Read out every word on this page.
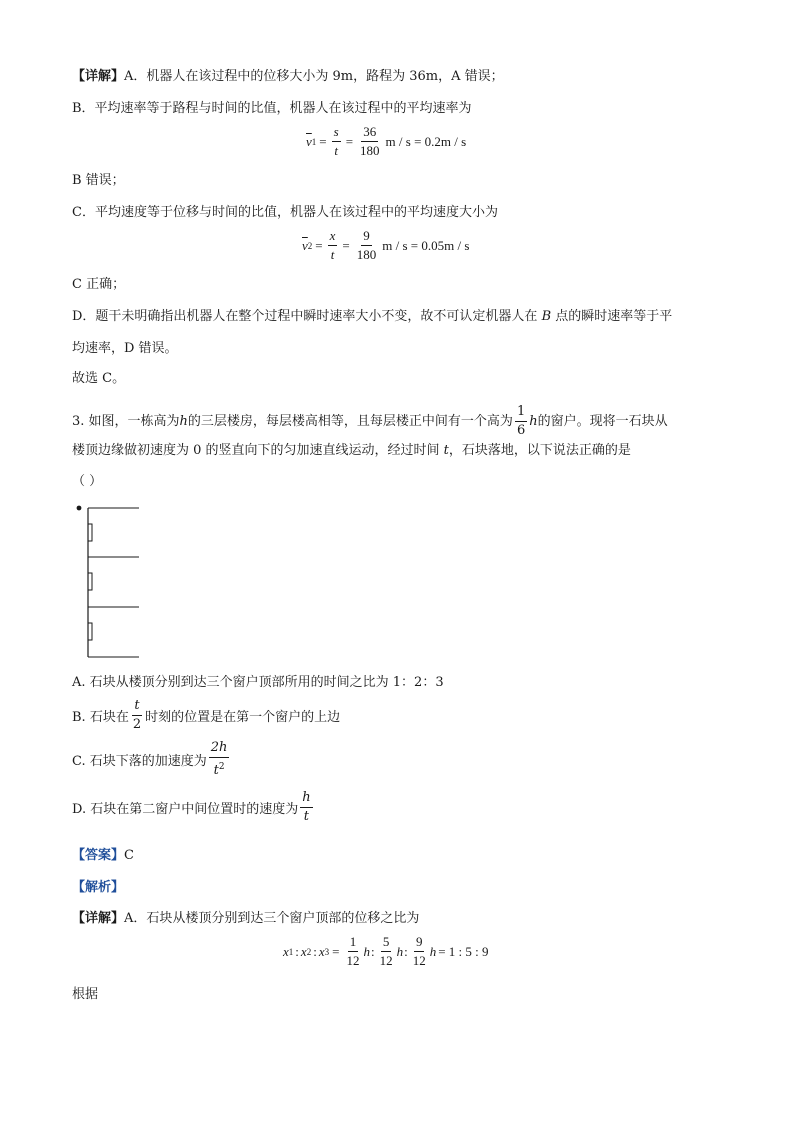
【详解】A．机器人在该过程中的位移大小为 9m，路程为 36m，A 错误；
B．平均速率等于路程与时间的比值，机器人在该过程中的平均速率为
$\overline{v}$ $1 = \frac{s}{t} = \frac{36}{180}$ m / s = 0.2m / s
B 错误；
C．平均速度等于位移与时间的比值，机器人在该过程中的平均速度大小为
$\overline{v}$ $2 = \frac{x}{t} = \frac{9}{180}$ m / s = 0.05m / s
C 正确；
D．题干未明确指出机器人在整个过程中瞬时速率大小不变，故不可认定机器人在 B 点的瞬时速率等于平
均速率，D 错误。
故选 C。
3. 如图，一栋高为 h 的三层楼房，每层楼高相等，且每层楼正中间有一个高为 $\frac{1}{6}$ h 的窗户。现将一石块从
楼顶边缘做初速度为 0 的竖直向下的匀加速直线运动，经过时间 t，石块落地，以下说法正确的是
（ ）
A. 石块从楼顶分别到达三个窗户顶部所用的时间之比为 1：2：3
B. 石块在 $\frac{t}{2}$ 时刻的位置是在第一个窗户的上边
C. 石块下落的加速度为 $\frac{2h}{t^2}$
D. 石块在第二窗户中间位置时的速度为 $\frac{h}{t}$
【答案】C
【解析】
【详解】A．石块从楼顶分别到达三个窗户顶部的位移之比为
x 1 : x 2 : x $3 = \frac{1}{12}$ h : $\frac{5}{12}$ h : $\frac{9}{12}$ h = 1 : 5 : 9
根据
